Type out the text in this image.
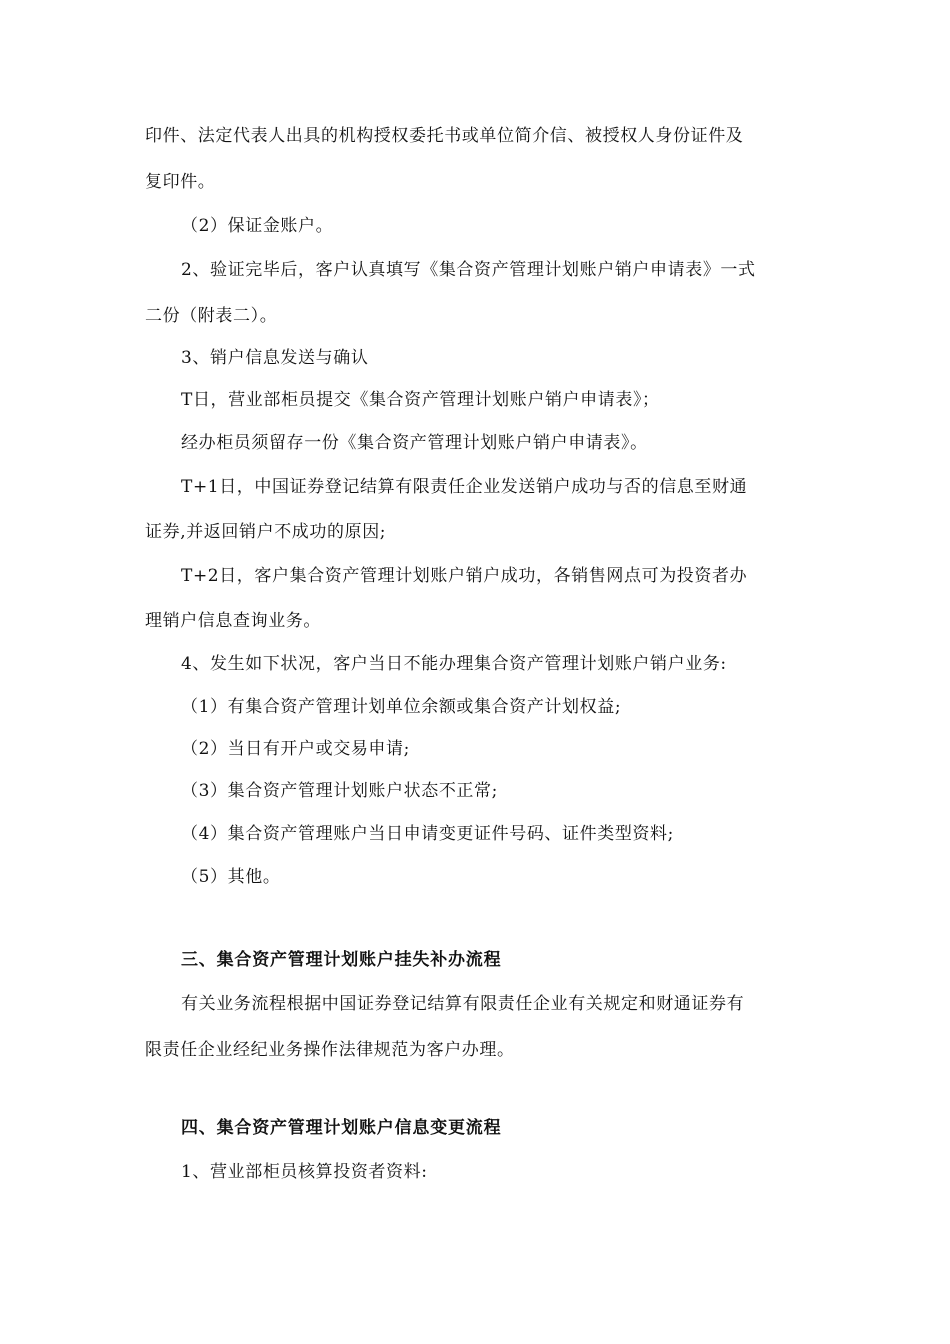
印件、法定代表人出具的机构授权委托书或单位简介信、被授权人身份证件及
复印件。
（2）保证金账户。
2、验证完毕后，客户认真填写《集合资产管理计划账户销户申请表》一式
二份（附表二）。
3、销户信息发送与确认
T日，营业部柜员提交《集合资产管理计划账户销户申请表》；
经办柜员须留存一份《集合资产管理计划账户销户申请表》。
T+1日，中国证券登记结算有限责任企业发送销户成功与否的信息至财通
证券,并返回销户不成功的原因;
T+2日，客户集合资产管理计划账户销户成功，各销售网点可为投资者办
理销户信息查询业务。
4、发生如下状况，客户当日不能办理集合资产管理计划账户销户业务:
（1）有集合资产管理计划单位余额或集合资产计划权益;
（2）当日有开户或交易申请;
（3）集合资产管理计划账户状态不正常;
（4）集合资产管理账户当日申请变更证件号码、证件类型资料;
（5）其他。
三、集合资产管理计划账户挂失补办流程
有关业务流程根据中国证券登记结算有限责任企业有关规定和财通证券有
限责任企业经纪业务操作法律规范为客户办理。
四、集合资产管理计划账户信息变更流程
1、营业部柜员核算投资者资料:
